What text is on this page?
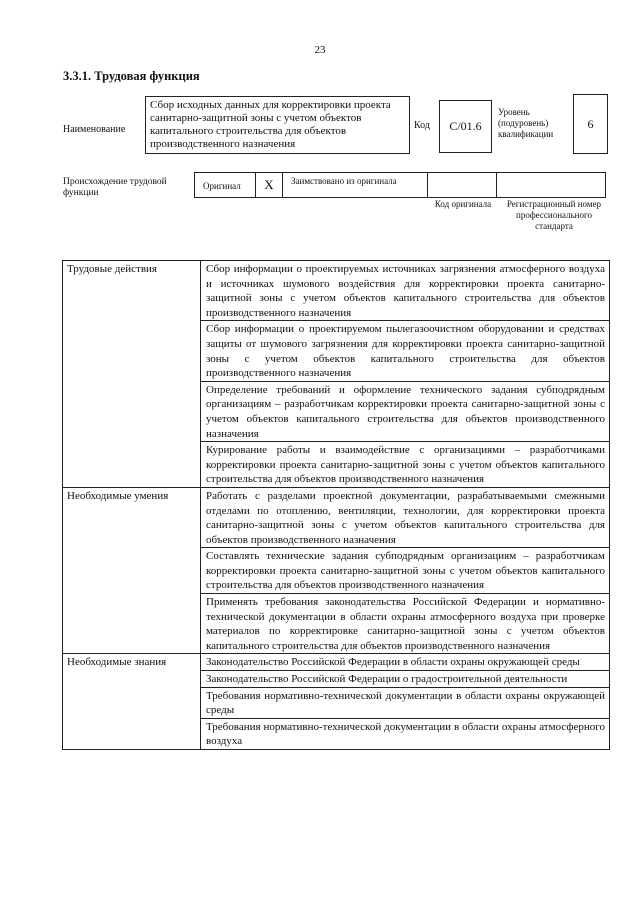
23
3.3.1. Трудовая функция
Наименование
Сбор исходных данных для корректировки проекта санитарно-защитной зоны с учетом объектов капитального строительства для объектов производственного назначения
Код	С/01.6
Уровень (подуровень) квалификации
6
Происхождение трудовой функции
Оригинал	X	Заимствовано из оригинала
Код оригинала	Регистрационный номер профессионального стандарта
Трудовые действия	Сбор информации о проектируемых источниках загрязнения атмосферного воздуха и источниках шумового воздействия для корректировки проекта санитарно-защитной зоны с учетом объектов капитального строительства для объектов производственного назначения
Сбор информации о проектируемом пылегазоочистном оборудовании и средствах защиты от шумового загрязнения для корректировки проекта санитарно-защитной зоны с учетом объектов капитального строительства для объектов производственного назначения
Определение требований и оформление технического задания субподрядным организациям – разработчикам корректировки проекта санитарно-защитной зоны с учетом объектов капитального строительства для объектов производственного назначения
Курирование работы и взаимодействие с организациями – разработчиками корректировки проекта санитарно-защитной зоны с учетом объектов капитального строительства для объектов производственного назначения
Необходимые умения	Работать с разделами проектной документации, разрабатываемыми смежными отделами по отоплению, вентиляции, технологии, для корректировки проекта санитарно-защитной зоны с учетом объектов капитального строительства для объектов производственного назначения
Составлять технические задания субподрядным организациям – разработчикам корректировки проекта санитарно-защитной зоны с учетом объектов капитального строительства для объектов производственного назначения
Применять требования законодательства Российской Федерации и нормативно-технической документации в области охраны атмосферного воздуха при проверке материалов по корректировке санитарно-защитной зоны с учетом объектов капитального строительства для объектов производственного назначения
Необходимые знания	Законодательство Российской Федерации в области охраны окружающей среды
Законодательство Российской Федерации о градостроительной деятельности
Требования нормативно-технической документации в области охраны окружающей среды
Требования нормативно-технической документации в области охраны атмосферного воздуха
